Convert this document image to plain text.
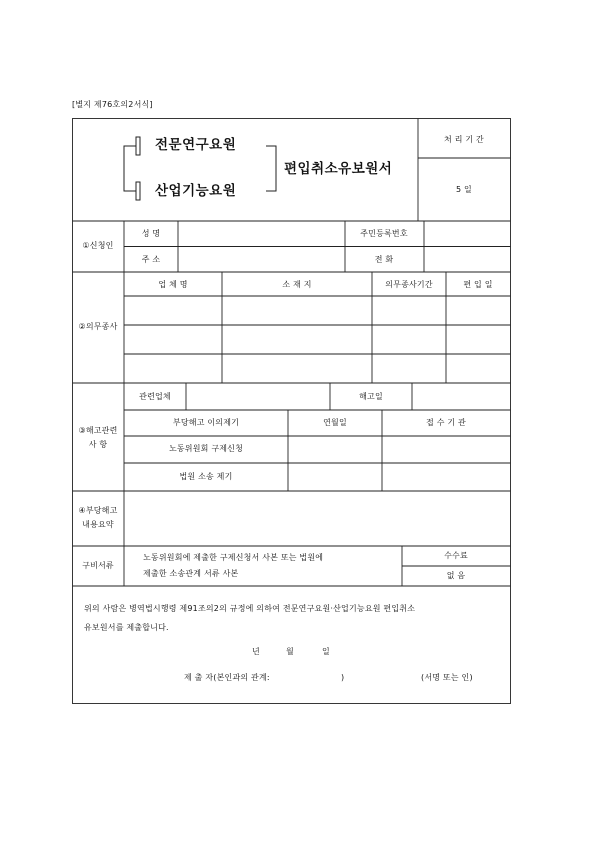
[별지 제76호의2서식]
전문연구요원
산업기능요원
편입취소유보원서
처 리 기 간
5 일
①신청인
성 명	주민등록번호
주 소	전 화
②의무종사
업 체 명	소 재 지	의무종사기간	편 입 일
③해고관련
사 항
관련업체	해고일
부당해고 이의제기	연월일	접 수 기 관
노동위원회 구제신청
법원 소송 제기
④부당해고
내용요약
구비서류
노동위원회에 제출한 구제신청서 사본 또는 법원에
제출한 소송관계 서류 사본
수수료
없 음
위의 사람은 병역법시행령 제91조의2의 규정에 의하여 전문연구요원·산업기능요원 편입취소
유보원서를 제출합니다.
년	월	일
제 출 자(본인과의 관계:	)	(서명 또는 인)
